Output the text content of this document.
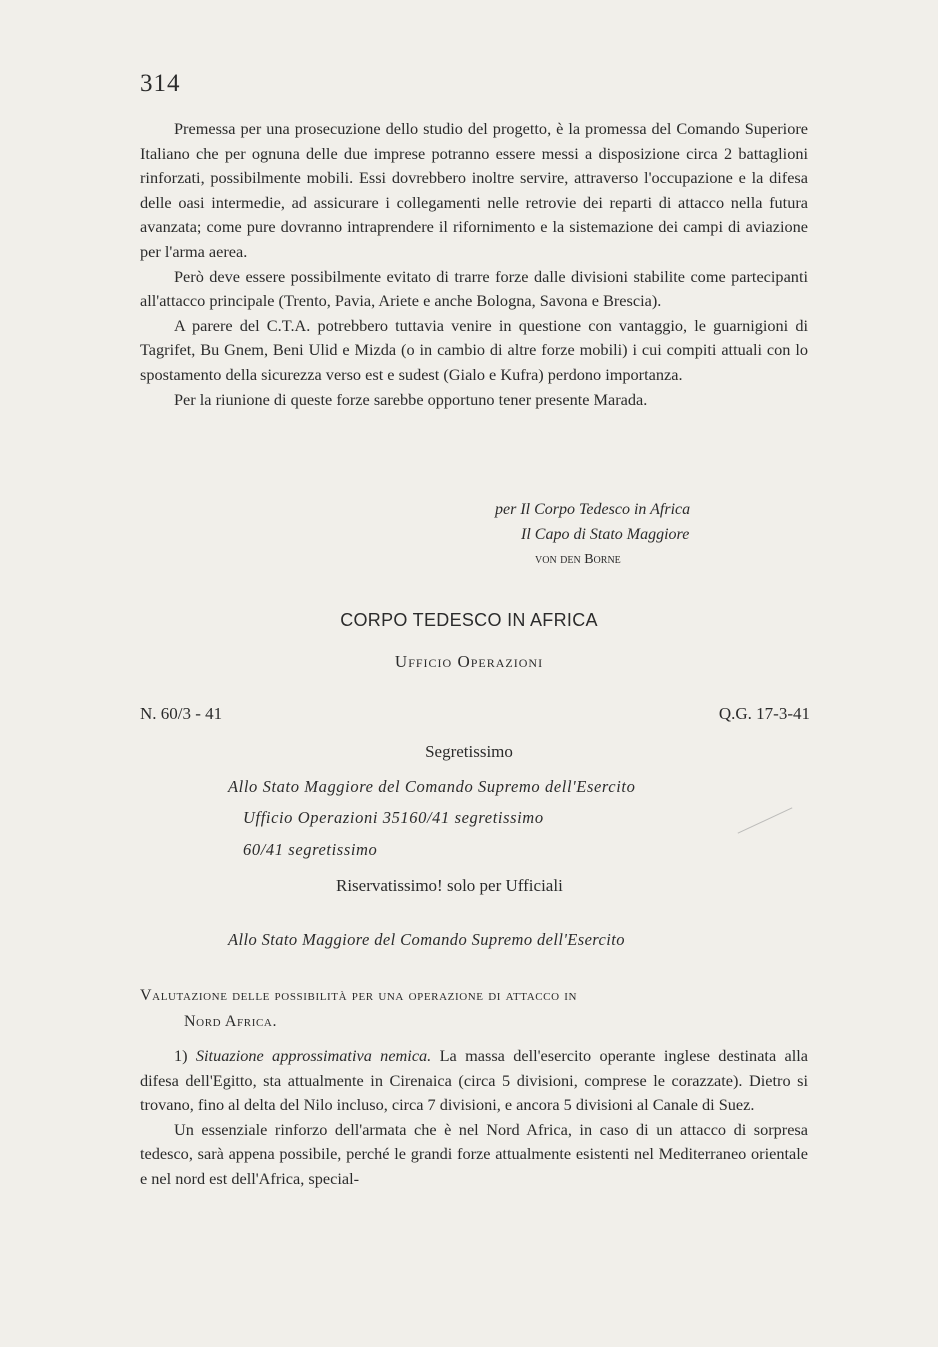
314

Premessa per una prosecuzione dello studio del progetto, è la promessa del Comando Superiore Italiano che per ognuna delle due imprese potranno essere messi a disposizione circa 2 battaglioni rinforzati, possibilmente mobili. Essi dovrebbero inoltre servire, attraverso l'occupazione e la difesa delle oasi intermedie, ad assicurare i collegamenti nelle retrovie dei reparti di attacco nella futura avanzata; come pure dovranno intraprendere il rifornimento e la sistemazione dei campi di aviazione per l'arma aerea.

Però deve essere possibilmente evitato di trarre forze dalle divisioni stabilite come partecipanti all'attacco principale (Trento, Pavia, Ariete e anche Bologna, Savona e Brescia).

A parere del C.T.A. potrebbero tuttavia venire in questione con vantaggio, le guarnigioni di Tagrifet, Bu Gnem, Beni Ulid e Mizda (o in cambio di altre forze mobili) i cui compiti attuali con lo spostamento della sicurezza verso est e sudest (Gialo e Kufra) perdono importanza.

Per la riunione di queste forze sarebbe opportuno tener presente Marada.

per Il Corpo Tedesco in Africa
Il Capo di Stato Maggiore
von den Borne
CORPO TEDESCO IN AFRICA
Ufficio Operazioni
N. 60/3 - 41	Q.G. 17-3-41
Segretissimo
Allo Stato Maggiore del Comando Supremo dell'Esercito
Ufficio Operazioni 35160/41 segretissimo
60/41 segretissimo
Riservatissimo! solo per Ufficiali
Allo Stato Maggiore del Comando Supremo dell'Esercito
Valutazione delle possibilità per una operazione di attacco in
Nord Africa.

1) Situazione approssimativa nemica. La massa dell'esercito operante inglese destinata alla difesa dell'Egitto, sta attualmente in Cirenaica (circa 5 divisioni, comprese le corazzate). Dietro si trovano, fino al delta del Nilo incluso, circa 7 divisioni, e ancora 5 divisioni al Canale di Suez.

Un essenziale rinforzo dell'armata che è nel Nord Africa, in caso di un attacco di sorpresa tedesco, sarà appena possibile, perché le grandi forze attualmente esistenti nel Mediterraneo orientale e nel nord est dell'Africa, special-
